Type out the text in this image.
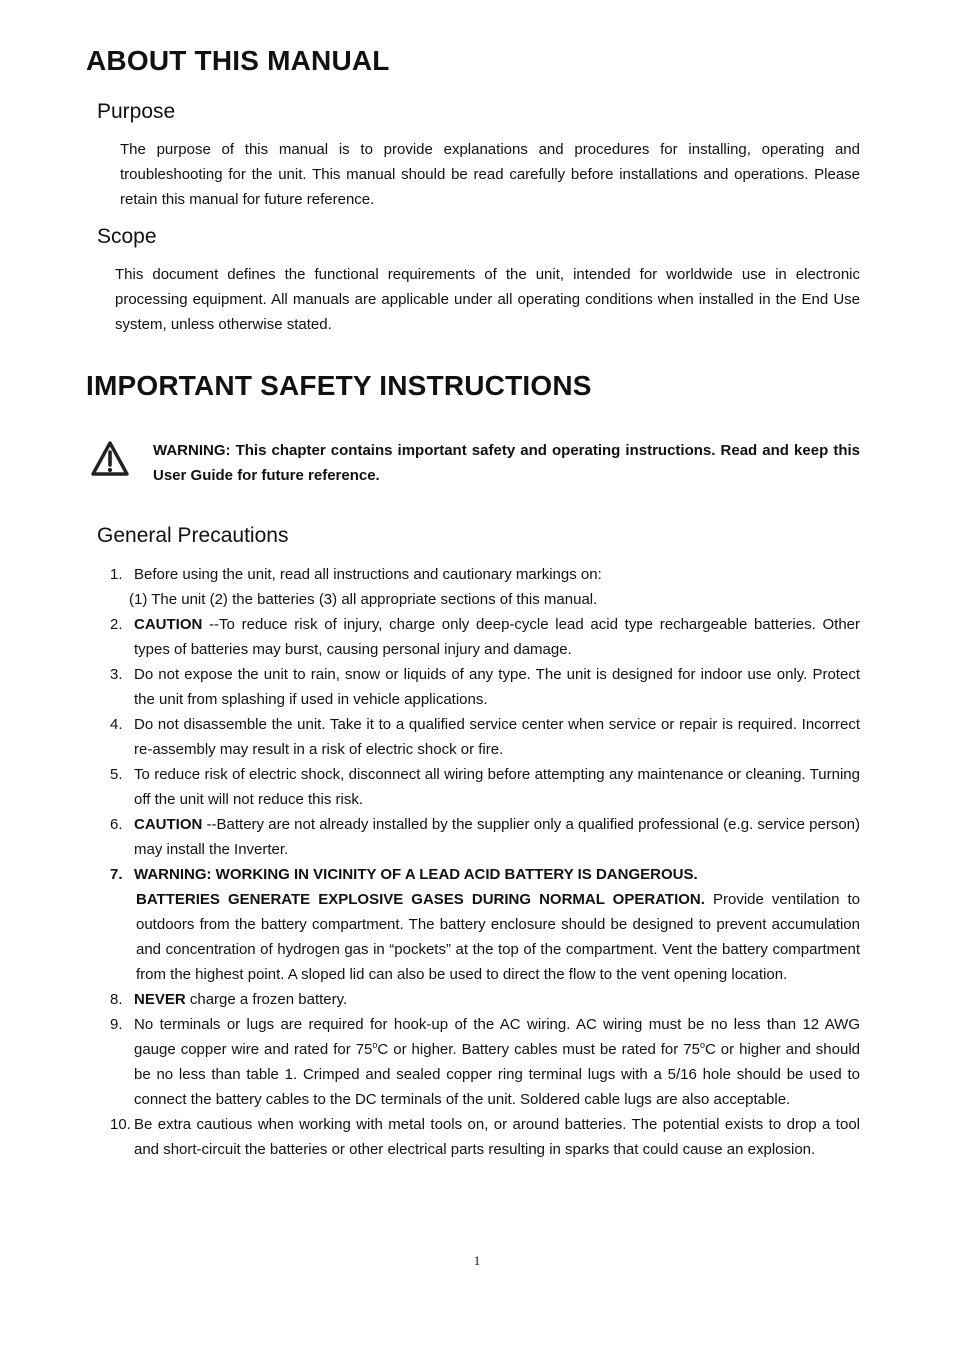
ABOUT THIS MANUAL
Purpose

The purpose of this manual is to provide explanations and procedures for installing, operating and troubleshooting for the unit. This manual should be read carefully before installations and operations. Please retain this manual for future reference.

Scope

This document defines the functional requirements of the unit, intended for worldwide use in electronic processing equipment. All manuals are applicable under all operating conditions when installed in the End Use system, unless otherwise stated.

IMPORTANT SAFETY INSTRUCTIONS

WARNING: This chapter contains important safety and operating instructions. Read and keep this User Guide for future reference.

General Precautions
1. Before using the unit, read all instructions and cautionary markings on:
(1) The unit (2) the batteries (3) all appropriate sections of this manual.
2. CAUTION --To reduce risk of injury, charge only deep-cycle lead acid type rechargeable batteries. Other types of batteries may burst, causing personal injury and damage.
3. Do not expose the unit to rain, snow or liquids of any type. The unit is designed for indoor use only. Protect the unit from splashing if used in vehicle applications.
4. Do not disassemble the unit. Take it to a qualified service center when service or repair is required. Incorrect re-assembly may result in a risk of electric shock or fire.
5. To reduce risk of electric shock, disconnect all wiring before attempting any maintenance or cleaning. Turning off the unit will not reduce this risk.
6. CAUTION --Battery are not already installed by the supplier only a qualified professional (e.g. service person) may install the Inverter.
7. WARNING: WORKING IN VICINITY OF A LEAD ACID BATTERY IS DANGEROUS.
BATTERIES GENERATE EXPLOSIVE GASES DURING NORMAL OPERATION. Provide ventilation to outdoors from the battery compartment. The battery enclosure should be designed to prevent accumulation and concentration of hydrogen gas in “pockets” at the top of the compartment. Vent the battery compartment from the highest point. A sloped lid can also be used to direct the flow to the vent opening location.
8. NEVER charge a frozen battery.
9. No terminals or lugs are required for hook-up of the AC wiring. AC wiring must be no less than 12 AWG gauge copper wire and rated for 75$^o$C or higher. Battery cables must be rated for 75$^o$C or higher and should be no less than table 1. Crimped and sealed copper ring terminal lugs with a 5/16 hole should be used to connect the battery cables to the DC terminals of the unit. Soldered cable lugs are also acceptable.
10. Be extra cautious when working with metal tools on, or around batteries. The potential exists to drop a tool and short-circuit the batteries or other electrical parts resulting in sparks that could cause an explosion.
1
